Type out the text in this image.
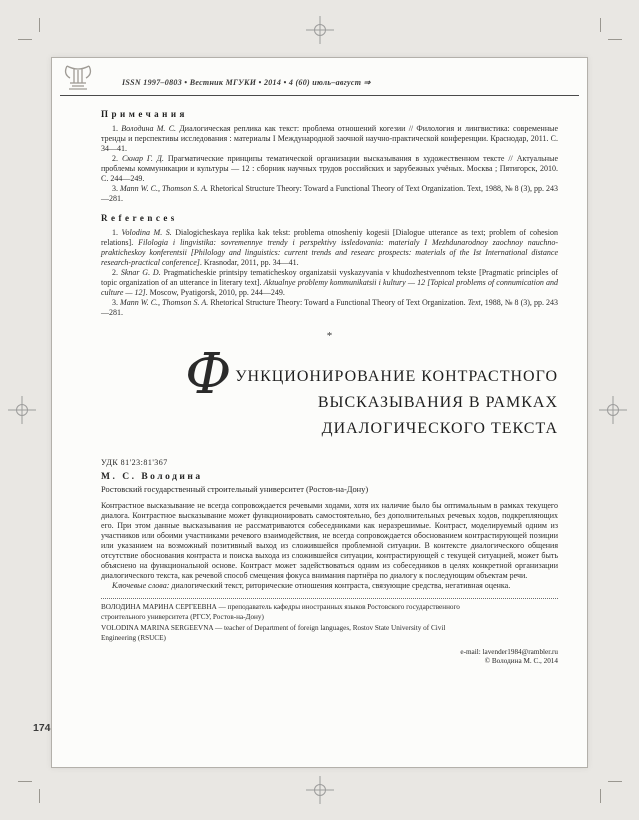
ISSN 1997–0803 • Вестник МГУКИ • 2014 • 4 (60) июль–август ⇒
Примечания

1. Володина М. С. Диалогическая реплика как текст: проблема отношений когезии // Филология и лингвистика: современные тренды и перспективы исследования : материалы I Международной заочной научно-практической конференции. Краснодар, 2011. С. 34—41.

2. Скнар Г. Д. Прагматические принципы тематической организации высказывания в художественном тексте // Актуальные проблемы коммуникации и культуры — 12 : сборник научных трудов российских и зарубежных учёных. Москва ; Пятигорск, 2010. С. 244—249.

3. Mann W. C., Thomson S. A. Rhetorical Structure Theory: Toward a Functional Theory of Text Organization. Text, 1988, № 8 (3), pp. 243—281.

References

1. Volodina M. S. Dialogicheskaya replika kak tekst: problema otnosheniy kogesii [Dialogue utterance as text; problem of cohesion relations]. Filologia i lingvistika: sovremennye trendy i perspektivy issledovania: materialy I Mezhdunarodnoy zaochnoy nauchno-prakticheskoy konferentsii [Philology and linguistics: current trends and researc prospects: materials of the Ist International distance research-practical conference]. Krasnodar, 2011, pp. 34—41.

2. Sknar G. D. Pragmaticheskie printsipy tematicheskoy organizatsii vyskazyvania v khudozhestvennom tekste [Pragmatic principles of topic organization of an utterance in literary text]. Aktualnye problemy kommunikatsii i kultury — 12 [Topical problems of connumication and culture — 12]. Moscow, Pyatigorsk, 2010, pp. 244—249.

3. Mann W. C., Thomson S. A. Rhetorical Structure Theory: Toward a Functional Theory of Text Organization. Text, 1988, № 8 (3), pp. 243—281.

*
Ф УНКЦИОНИРОВАНИЕ КОНТРАСТНОГО
ВЫСКАЗЫВАНИЯ В РАМКАХ
ДИАЛОГИЧЕСКОГО ТЕКСТА
УДК 81'23:81'367
М. С. Володина
Ростовский государственный строительный университет (Ростов-на-Дону)

Контрастное высказывание не всегда сопровождается речевыми ходами, хотя их наличие было бы оптимальным в рамках текущего диалога. Контрастное высказывание может функционировать самостоятельно, без дополнительных речевых ходов, подкрепляющих его. При этом данные высказывания не рассматриваются собеседниками как неразрешимые. Контраст, моделируемый одним из участников или обоими участниками речевого взаимодействия, не всегда сопровождается обоснованием контрастирующей позиции или указанием на возможный позитивный выход из сложившейся проблемной ситуации. В контексте диалогического общения отсутствие обоснования контраста и поиска выхода из сложившейся ситуации, контрастирующей с текущей ситуацией, может быть объяснено на функциональной основе. Контраст может задействоваться одним из собеседников в целях конкретной организации диалогического текста, как речевой способ смещения фокуса внимания партнёра по диалогу к последующим объектам речи.

Ключевые слова: диалогический текст, риторические отношения контраста, связующие средства, негативная оценка.

ВОЛОДИНА МАРИНА СЕРГЕЕВНА — преподаватель кафедры иностранных языков Ростовского государственного строительного университета (РГСУ, Ростов-на-Дону)

VOLODINA MARINA SERGEEVNA — teacher of Department of foreign languages, Rostov State University of Civil Engineering (RSUCE)

e-mail: lavender1984@rambler.ru
© Володина М. С., 2014
174
